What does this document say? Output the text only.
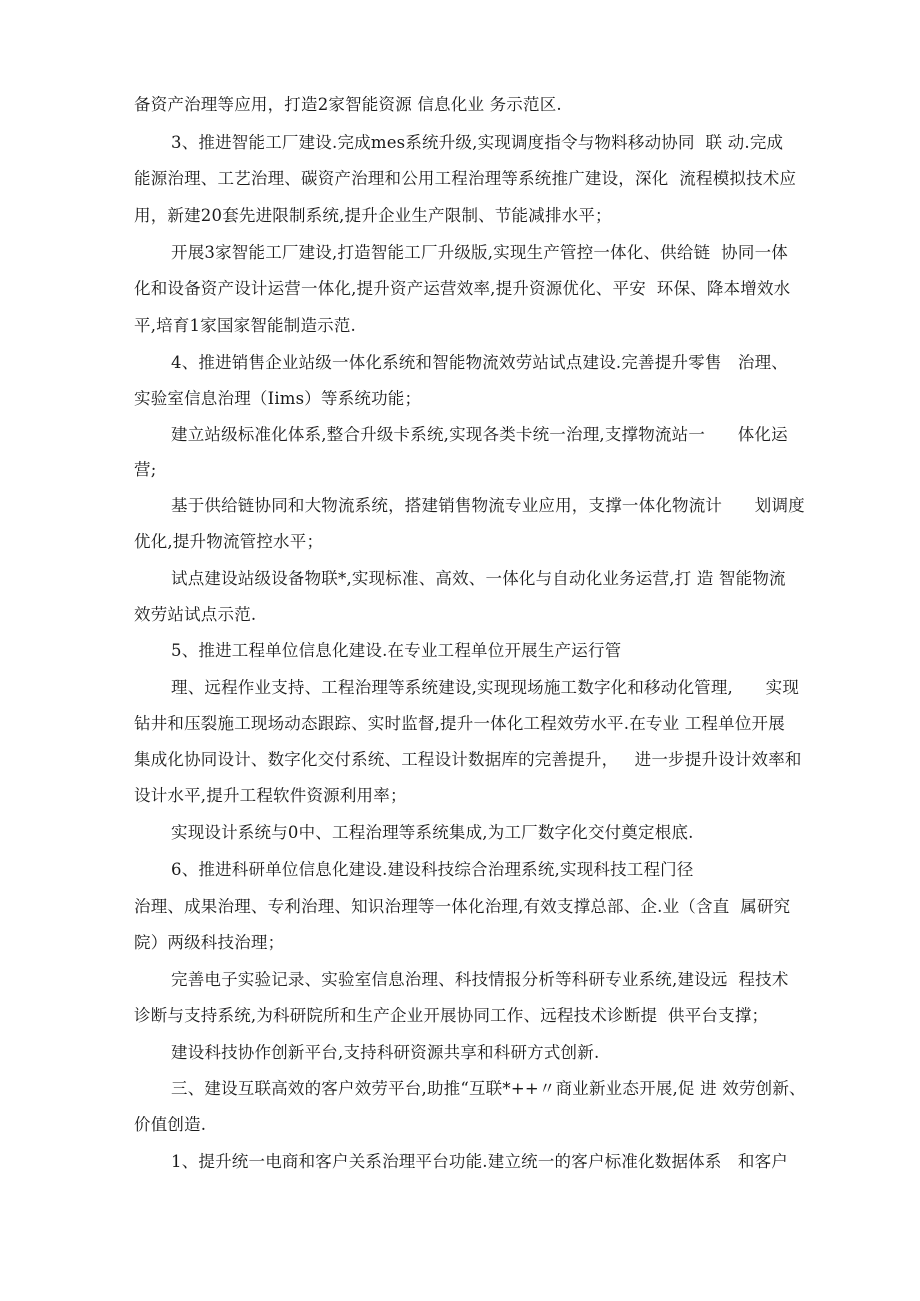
备资产治理等应用，打造2家智能资源 信息化业 务示范区.
3、推进智能工厂建设.完成mes系统升级,实现调度指令与物料移动协同  联 动.完成
能源治理、工艺治理、碳资产治理和公用工程治理等系统推广建设，深化  流程模拟技术应
用，新建20套先进限制系统,提升企业生产限制、节能减排水平；
开展3家智能工厂建设,打造智能工厂升级版,实现生产管控一体化、供给链  协同一体
化和设备资产设计运营一体化,提升资产运营效率,提升资源优化、平安  环保、降本增效水
平,培育1家国家智能制造示范.
4、推进销售企业站级一体化系统和智能物流效劳站试点建设.完善提升零售   治理、
实验室信息治理（Iims）等系统功能；
建立站级标准化体系,整合升级卡系统,实现各类卡统一治理,支撑物流站一      体化运
营;
基于供给链协同和大物流系统，搭建销售物流专业应用，支撑一体化物流计      划调度
优化,提升物流管控水平；
试点建设站级设备物联*,实现标准、高效、一体化与自动化业务运营,打 造 智能物流
效劳站试点示范.
5、推进工程单位信息化建设.在专业工程单位开展生产运行管
理、远程作业支持、工程治理等系统建设,实现现场施工数字化和移动化管理,      实现
钻井和压裂施工现场动态跟踪、实时监督,提升一体化工程效劳水平.在专业 工程单位开展
集成化协同设计、数字化交付系统、工程设计数据库的完善提升，   进一步提升设计效率和
设计水平,提升工程软件资源利用率；
实现设计系统与0中、工程治理等系统集成,为工厂数字化交付奠定根底.
6、推进科研单位信息化建设.建设科技综合治理系统,实现科技工程门径
治理、成果治理、专利治理、知识治理等一体化治理,有效支撑总部、企.业（含直  属研究
院）两级科技治理；
完善电子实验记录、实验室信息治理、科技情报分析等科研专业系统,建设远  程技术
诊断与支持系统,为科研院所和生产企业开展协同工作、远程技术诊断提  供平台支撑；
建设科技协作创新平台,支持科研资源共享和科研方式创新.
三、建设互联高效的客户效劳平台,助推“互联*++〃商业新业态开展,促 进 效劳创新、
价值创造.
1、提升统一电商和客户关系治理平台功能.建立统一的客户标准化数据体系   和客户
